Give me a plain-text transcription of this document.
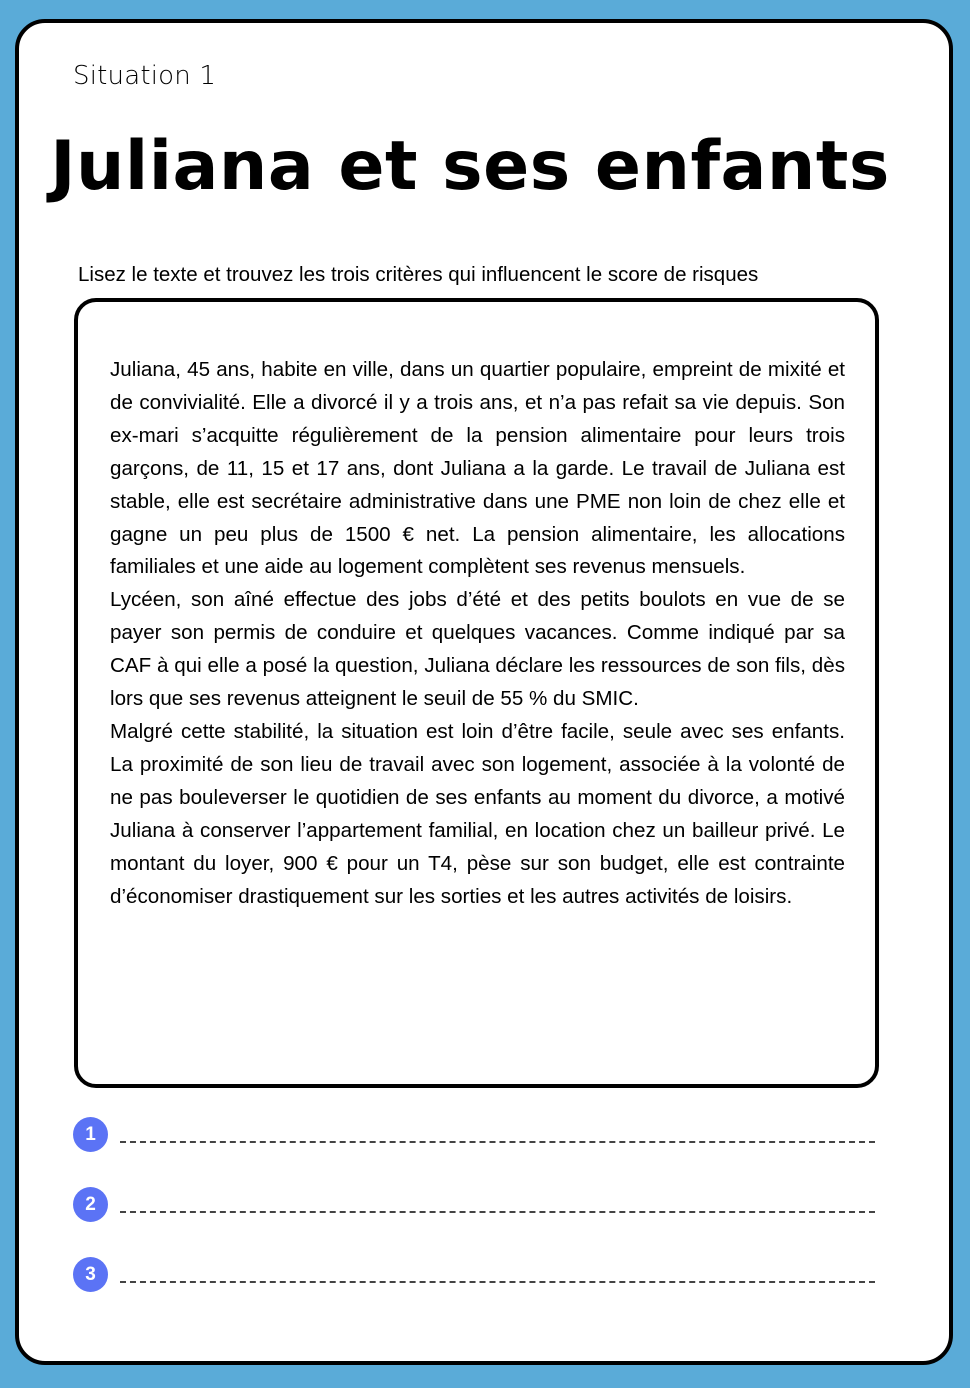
Situation 1
Juliana et ses enfants
Lisez le texte et trouvez les trois critères qui influencent le score de risques

Juliana, 45 ans, habite en ville, dans un quartier populaire, empreint de mixité et de convivialité. Elle a divorcé il y a trois ans, et n’a pas refait sa vie depuis. Son ex-mari s’acquitte régulièrement de la pension alimentaire pour leurs trois garçons, de 11, 15 et 17 ans, dont Juliana a la garde. Le travail de Juliana est stable, elle est secrétaire administrative dans une PME non loin de chez elle et gagne un peu plus de 1500 € net. La pension alimentaire, les allocations familiales et une aide au logement complètent ses revenus mensuels.

Lycéen, son aîné effectue des jobs d’été et des petits boulots en vue de se payer son permis de conduire et quelques vacances. Comme indiqué par sa CAF à qui elle a posé la question, Juliana déclare les ressources de son fils, dès lors que ses revenus atteignent le seuil de 55 % du SMIC.

Malgré cette stabilité, la situation est loin d’être facile, seule avec ses enfants. La proximité de son lieu de travail avec son logement, associée à la volonté de ne pas bouleverser le quotidien de ses enfants au moment du divorce, a motivé Juliana à conserver l’appartement familial, en location chez un bailleur privé. Le montant du loyer, 900 € pour un T4, pèse sur son budget, elle est contrainte d’économiser drastiquement sur les sorties et les autres activités de loisirs.

1
2
3
